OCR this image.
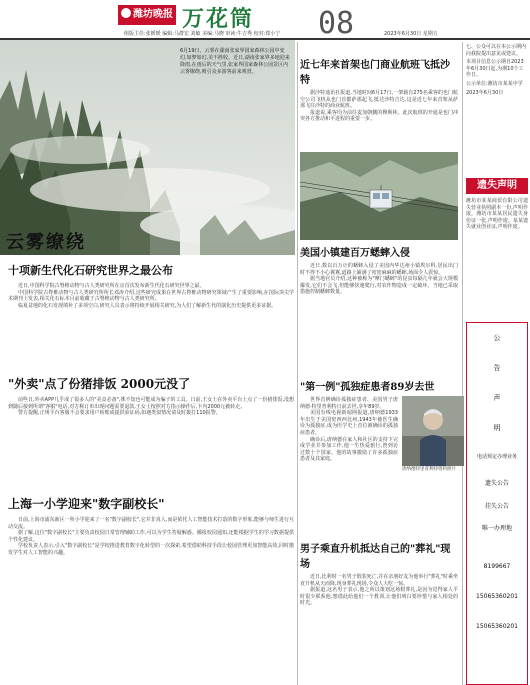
潍坊晚报 万花筒 08
组版主任:张媛媛 编辑:马群宏 刘敏 美编:马晓 审读:牛吉秀 校对:郑小宁	2023年6月30日 星期五
6月19日，云雾在湖南张家界国家森林公园中变幻,如梦如幻,美不胜收。近日,湖南张家界多地迎来降雨,在雨后的天气里,张家界国家森林公园景区内云雾缭绕,吸引众多游客前来观赏。
云雾缭绕
十项新生代化石研究世界之最公布

近日,中国科学院古脊椎动物与古人类研究所在京首次发布新生代化石研究世界之最。

中国科学院古脊椎动物与古人类研究所所长邓涛介绍,这些研究成果在世界古脊椎动物研究领域产生了重要影响,在国际顶尖学术期刊上发表,相关化石标本目前收藏于古脊椎动物与古人类研究所。

临夏盆地的化石发现填补了多项空白,研究人员表示将持续开展相关研究,为人们了解新生代的演化历史提供更多证据。

"外卖"点了份猪排饭 2000元没了

前些日,外卖APP几乎成了很多人的"美食必备",殊不知也可能成为骗子的工具。日前,王女士在外卖平台上点了一份猪排饭,没想到随后接到所谓"客服"电话,对方称订单出现问题需要退款,王女士按照对方指示操作后,卡内2000元被转走。

警方提醒,正规平台客服不会要求用户转账或提供验证码,如遇类似情况请及时拨打110报警。

上海一小学迎来"数字副校长"

日前,上海市浦东新区一所小学迎来了一名"数字副校长",它并非真人,而是依托人工智能技术打造的数字形象,能够与师生进行互动交流。

据了解,这位"数字副校长"主要负责校园日常管理辅助工作,可以为学生答疑解惑、播报校园通知,还能根据学生的学习数据提供个性化建议。

学校负责人表示,引入"数字副校长"是学校推进教育数字化转型的一次探索,希望借助科技手段让校园管理更加智能高效,同时激发学生对人工智能的兴趣。

近七年来首架也门商业航班飞抵沙特

据沙特通讯社报道,当地时间6月17日,一架载有275名乘客的也门航空公司飞机从也门首都萨那起飞,抵达沙特吉达,这是近七年来首架从萨那飞往沙特的商业航班。

报道说,乘客均为前往麦加朝觐的穆斯林。此次航班的开通是也门冲突各方推动和平进程的重要一步。

美国小镇建百万蟋蟀入侵

近日,数以百万计的蟋蟀入侵了美国内华达州小镇埃尔科,居民出门时不得不小心翼翼,道路上铺满了密密麻麻的蟋蟀,场面令人震惊。

据当地官员介绍,这种被称为"摩门蟋蟀"的昆虫每隔几年就会大规模爆发,它们不会飞,但能够快速爬行,对农作物造成一定破坏。当地已采取措施控制蟋蟀数量。

"第一例"孤独症患者89岁去世

世界首例确诊孤独症患者、美国男子唐纳德·特里普利特日前去世,享年89岁。

美国有线电视新闻网报道,唐纳德1933年出生于美国密西西比州,1943年被医生确诊为孤独症,成为医学史上首位被确诊的孤独症患者。

确诊后,唐纳德在家人和社区的支持下完成学业并参加工作,他一生热爱旅行,曾到访过数十个国家。他的故事激励了许多孤独症患者及其家庭。

唐纳德特里普利特资料照片
男子乘直升机抵达自己的"葬礼"现场

近日,比利时一名男子假装死亡,并在亲朋好友为他举行"葬礼"时乘坐直升机从天而降,现身葬礼现场,令众人大吃一惊。

据报道,这名男子表示,他之所以策划这场假葬礼,是因为觉得家人平时很少联系他,想借此给他们一个教训,让他们明白要珍惜与家人相处的时光。

七、公众可以在本公示期内向我院提出意见或建议。

本项目信息公示期自2023年6月30日起,为期10个工作日。

公示单位:潍坊市某某中学

2023年6月30日

遗失声明
潍坊市某某商贸有限公司遗失营业执照副本一份,声明作废。潍坊市某某居民遗失身份证一张,声明作废。某某遗失就业创业证,声明作废。
公
告
声
明
电话预定办理业务
遗失公告
挂失公告
唯一办理地
8199667
15065360201
15065360201
